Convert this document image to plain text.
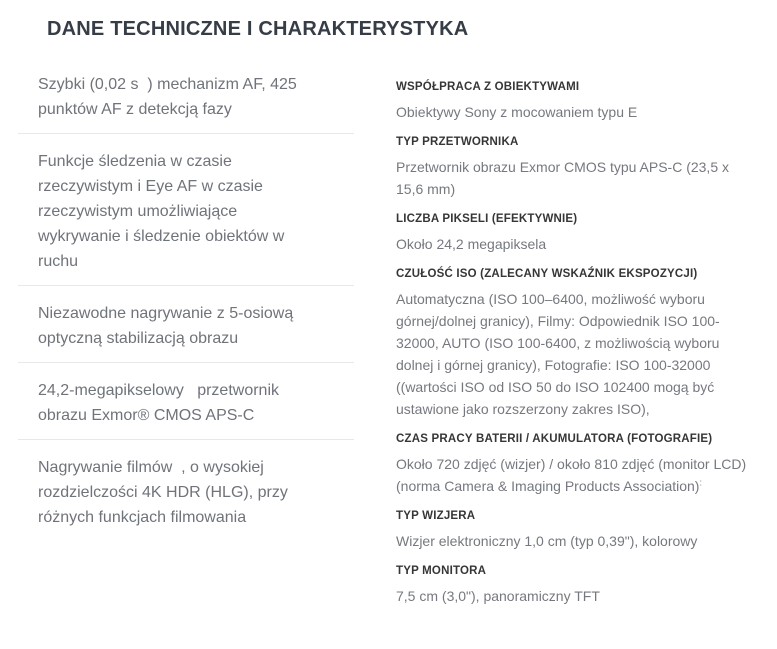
DANE TECHNICZNE I CHARAKTERYSTYKA
Szybki (0,02 s  ) mechanizm AF, 425 punktów AF z detekcją fazy
Funkcje śledzenia w czasie rzeczywistym i Eye AF w czasie rzeczywistym umożliwiające wykrywanie i śledzenie obiektów w ruchu
Niezawodne nagrywanie z 5-osiową optyczną stabilizacją obrazu
24,2-megapikselowy   przetwornik obrazu Exmor® CMOS APS-C
Nagrywanie filmów  , o wysokiej rozdzielczości 4K HDR (HLG), przy różnych funkcjach filmowania
WSPÓŁPRACA Z OBIEKTYWAMI

Obiektywy Sony z mocowaniem typu E

TYP PRZETWORNIKA

Przetwornik obrazu Exmor CMOS typu APS-C (23,5 x 15,6 mm)

LICZBA PIKSELI (EFEKTYWNIE)

Około 24,2 megapiksela

CZUŁOŚĆ ISO (ZALECANY WSKAŹNIK EKSPOZYCJI)

Automatyczna (ISO 100–6400, możliwość wyboru górnej/dolnej granicy), Filmy: Odpowiednik ISO 100-32000, AUTO (ISO 100-6400, z możliwością wyboru dolnej i górnej granicy), Fotografie: ISO 100-32000 ((wartości ISO od ISO 50 do ISO 102400 mogą być ustawione jako rozszerzony zakres ISO),

CZAS PRACY BATERII / AKUMULATORA (FOTOGRAFIE)

Około 720 zdjęć (wizjer) / około 810 zdjęć (monitor LCD) (norma Camera & Imaging Products Association):

TYP WIZJERA

Wizjer elektroniczny 1,0 cm (typ 0,39"), kolorowy

TYP MONITORA

7,5 cm (3,0"), panoramiczny TFT
